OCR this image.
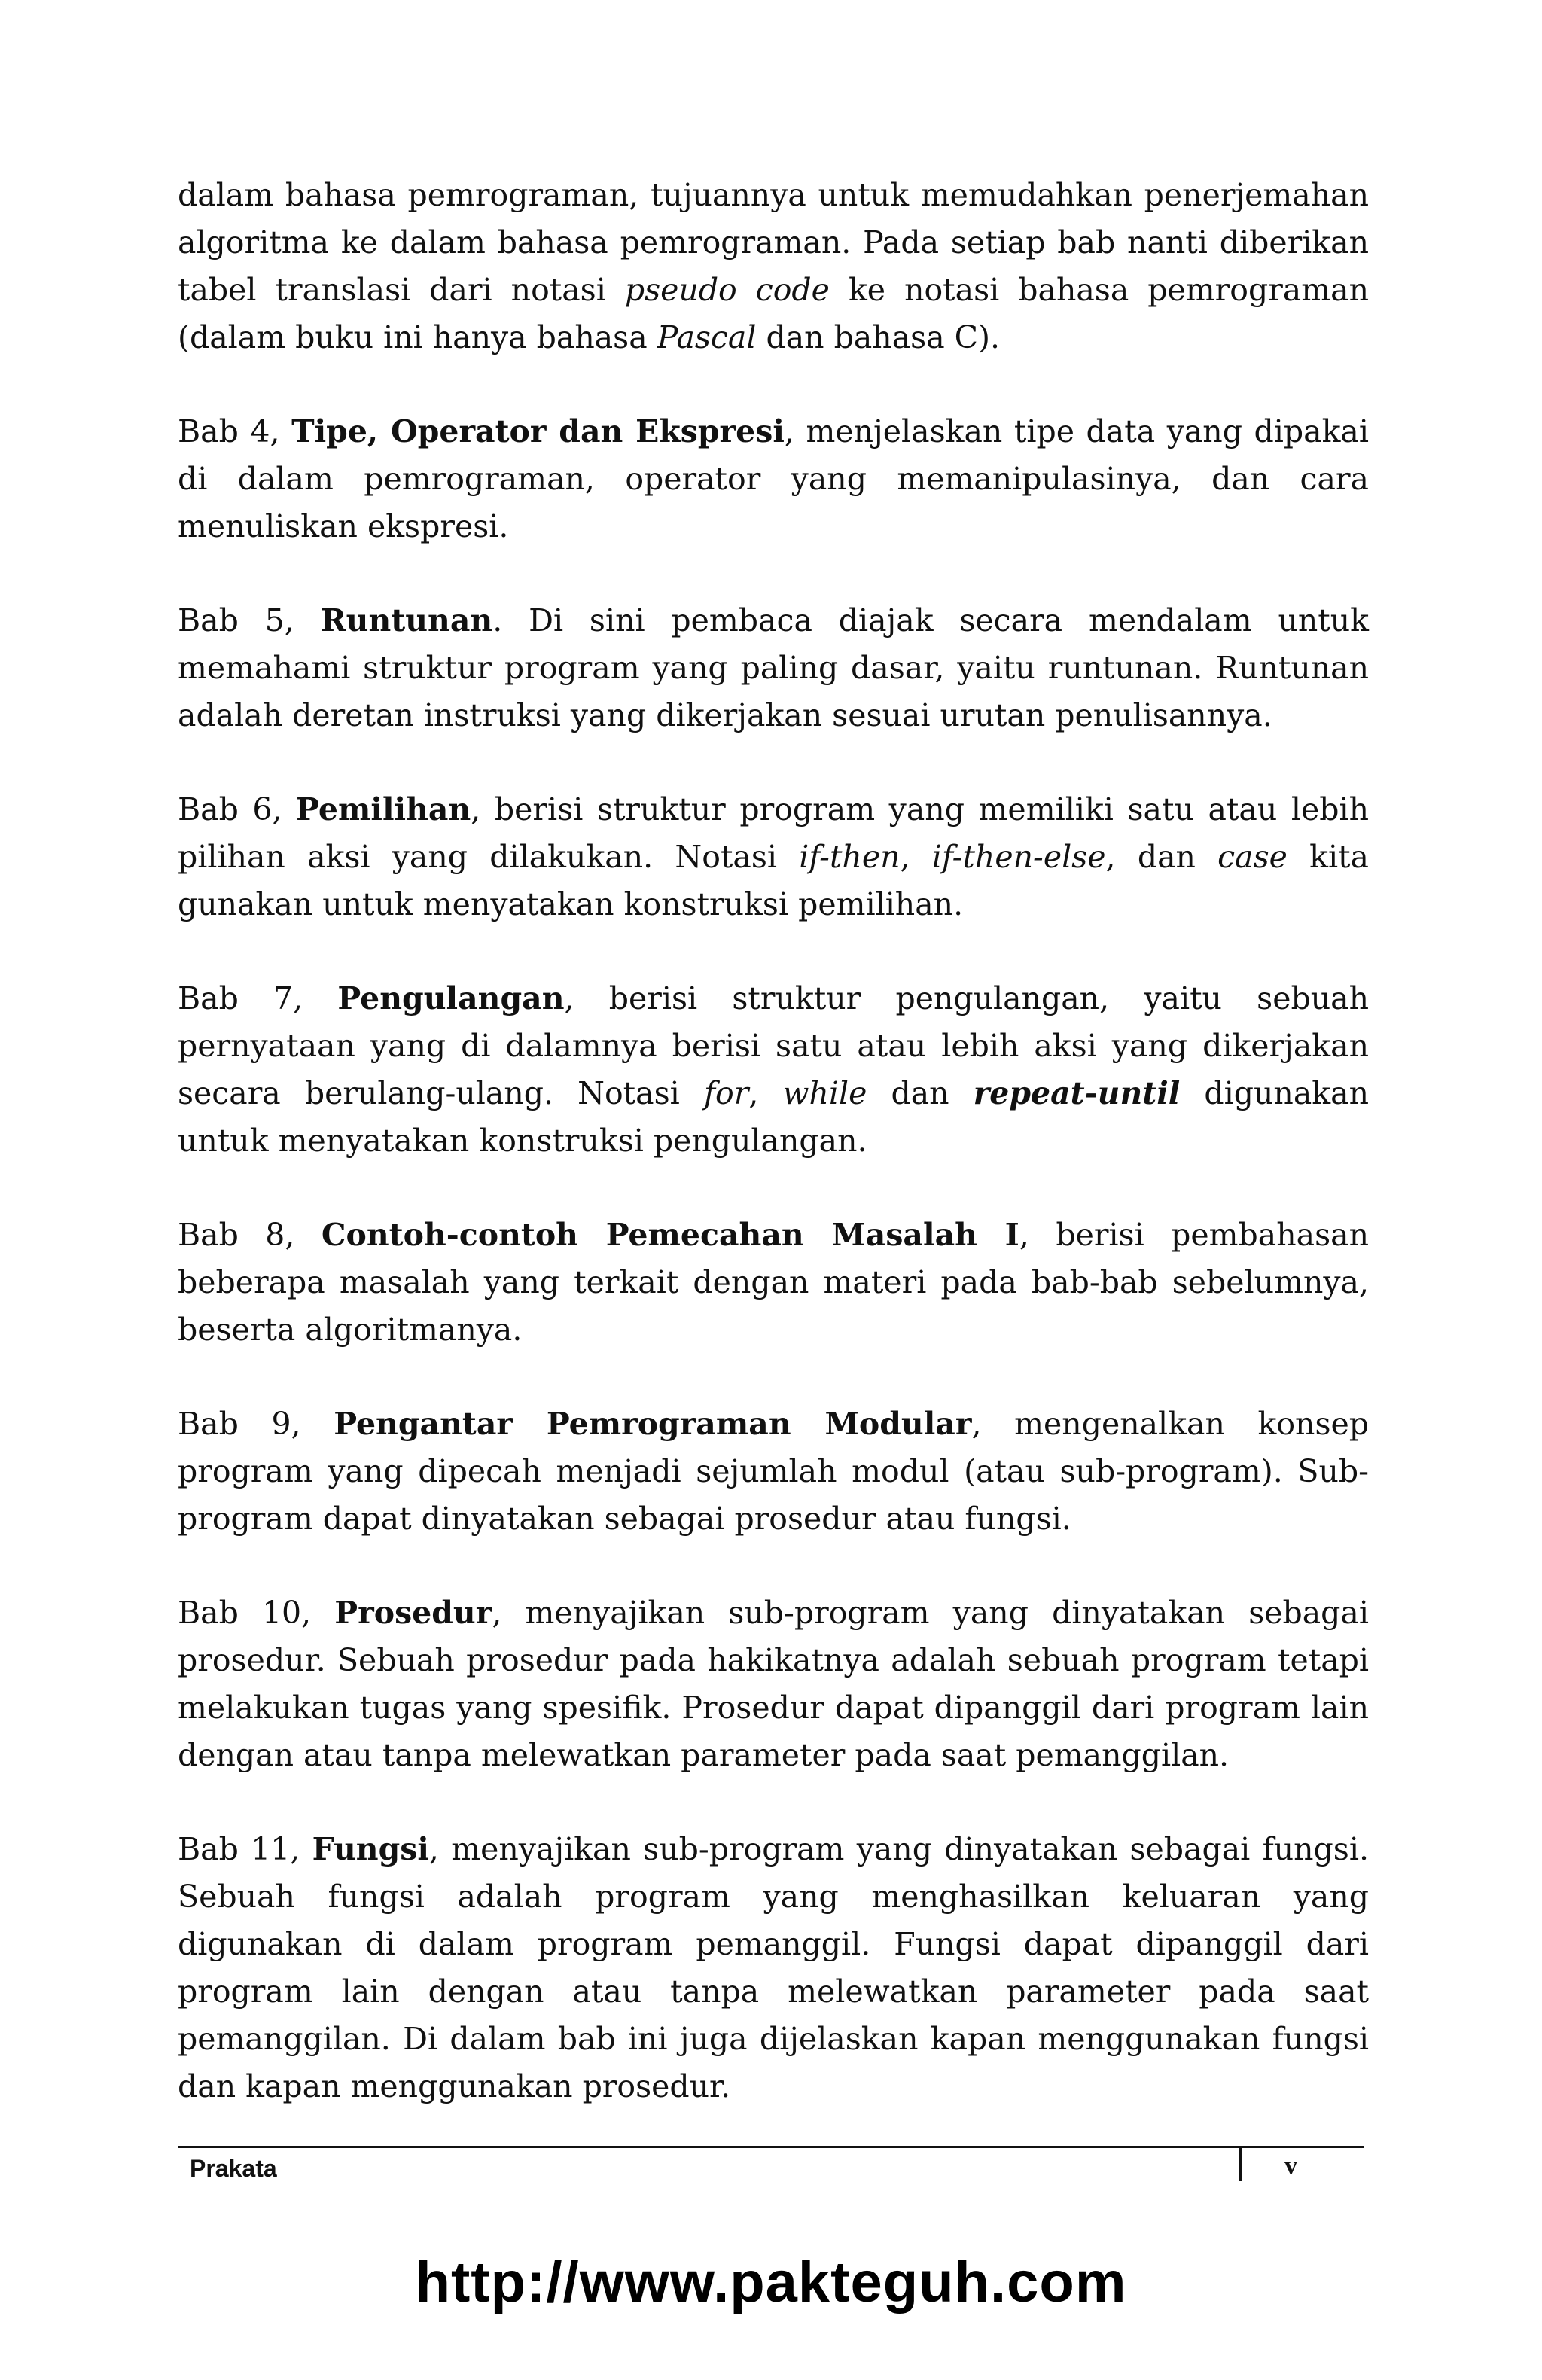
dalam bahasa pemrograman, tujuannya untuk memudahkan penerjemahan algoritma ke dalam bahasa pemrograman. Pada setiap bab nanti diberikan tabel translasi dari notasi pseudo code ke notasi bahasa pemrograman (dalam buku ini hanya bahasa Pascal dan bahasa C).

Bab 4, Tipe, Operator dan Ekspresi, menjelaskan tipe data yang dipakai di dalam pemrograman, operator yang memanipulasinya, dan cara menuliskan ekspresi.

Bab 5, Runtunan. Di sini pembaca diajak secara mendalam untuk memahami struktur program yang paling dasar, yaitu runtunan. Runtunan adalah deretan instruksi yang dikerjakan sesuai urutan penulisannya.

Bab 6, Pemilihan, berisi struktur program yang memiliki satu atau lebih pilihan aksi yang dilakukan. Notasi if-then, if-then-else, dan case kita gunakan untuk menyatakan konstruksi pemilihan.

Bab 7, Pengulangan, berisi struktur pengulangan, yaitu sebuah pernyataan yang di dalamnya berisi satu atau lebih aksi yang dikerjakan secara berulang-ulang. Notasi for, while dan repeat-until digunakan untuk menyatakan konstruksi pengulangan.

Bab 8, Contoh-contoh Pemecahan Masalah I, berisi pembahasan beberapa masalah yang terkait dengan materi pada bab-bab sebelumnya, beserta algoritmanya.

Bab 9, Pengantar Pemrograman Modular, mengenalkan konsep program yang dipecah menjadi sejumlah modul (atau sub-program). Sub-program dapat dinyatakan sebagai prosedur atau fungsi.

Bab 10, Prosedur, menyajikan sub-program yang dinyatakan sebagai prosedur. Sebuah prosedur pada hakikatnya adalah sebuah program tetapi melakukan tugas yang spesifik. Prosedur dapat dipanggil dari program lain dengan atau tanpa melewatkan parameter pada saat pemanggilan.

Bab 11, Fungsi, menyajikan sub-program yang dinyatakan sebagai fungsi. Sebuah fungsi adalah program yang menghasilkan keluaran yang digunakan di dalam program pemanggil. Fungsi dapat dipanggil dari program lain dengan atau tanpa melewatkan parameter pada saat pemanggilan. Di dalam bab ini juga dijelaskan kapan menggunakan fungsi dan kapan menggunakan prosedur.

Prakata	v
http://www.pakteguh.com
